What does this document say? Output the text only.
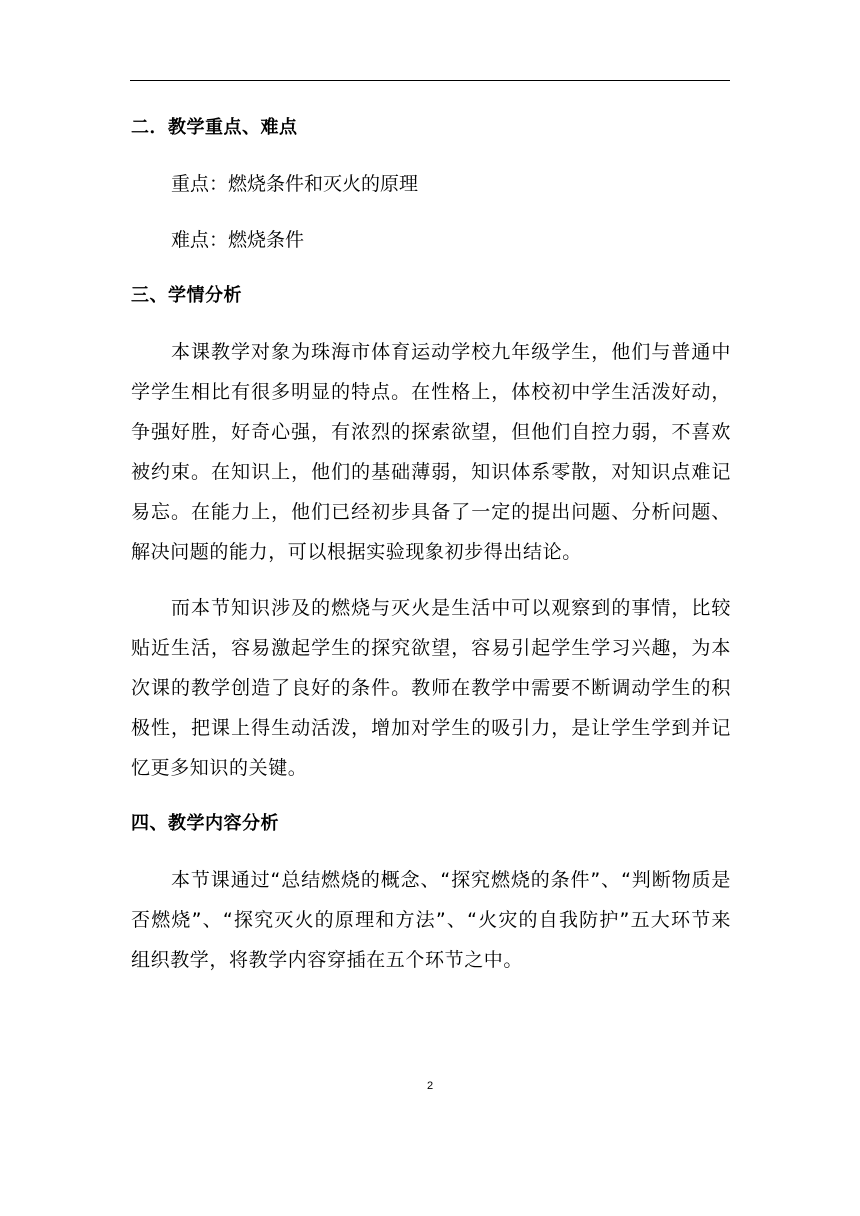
二．教学重点、难点
重点：燃烧条件和灭火的原理
难点：燃烧条件
三、学情分析

本课教学对象为珠海市体育运动学校九年级学生，他们与普通中学学生相比有很多明显的特点。在性格上，体校初中学生活泼好动，争强好胜，好奇心强，有浓烈的探索欲望，但他们自控力弱，不喜欢被约束。在知识上，他们的基础薄弱，知识体系零散，对知识点难记易忘。在能力上，他们已经初步具备了一定的提出问题、分析问题、解决问题的能力，可以根据实验现象初步得出结论。

而本节知识涉及的燃烧与灭火是生活中可以观察到的事情，比较贴近生活，容易激起学生的探究欲望，容易引起学生学习兴趣，为本次课的教学创造了良好的条件。教师在教学中需要不断调动学生的积极性，把课上得生动活泼，增加对学生的吸引力，是让学生学到并记忆更多知识的关键。

四、教学内容分析

本节课通过“总结燃烧的概念、“探究燃烧的条件”、“判断物质是否燃烧”、“探究灭火的原理和方法”、“火灾的自我防护”五大环节来组织教学，将教学内容穿插在五个环节之中。

2
